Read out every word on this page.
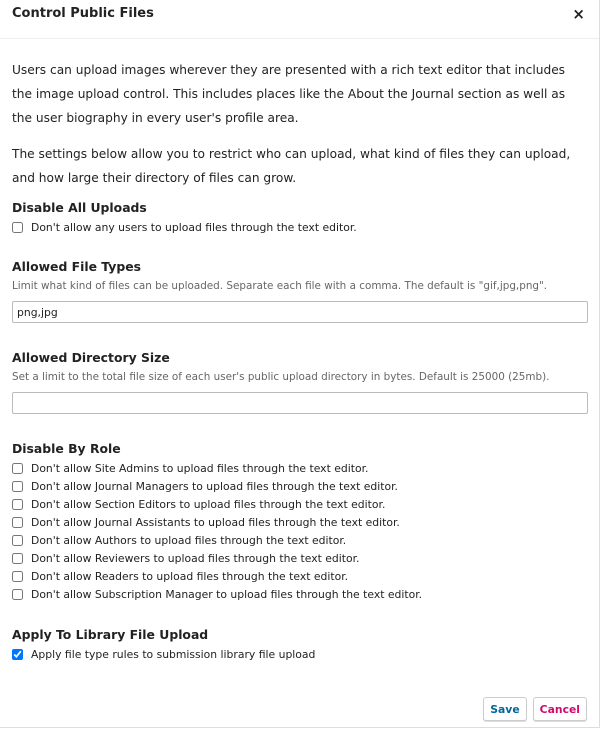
Control Public Files	×

Users can upload images wherever they are presented with a rich text editor that includes the image upload control. This includes places like the About the Journal section as well as the user biography in every user's profile area.

The settings below allow you to restrict who can upload, what kind of files they can upload, and how large their directory of files can grow.

Disable All Uploads
Don't allow any users to upload files through the text editor.
Allowed File Types
Limit what kind of files can be uploaded. Separate each file with a comma. The default is "gif,jpg,png".
png,jpg
Allowed Directory Size
Set a limit to the total file size of each user's public upload directory in bytes. Default is 25000 (25mb).
Disable By Role
Don't allow Site Admins to upload files through the text editor.
Don't allow Journal Managers to upload files through the text editor.
Don't allow Section Editors to upload files through the text editor.
Don't allow Journal Assistants to upload files through the text editor.
Don't allow Authors to upload files through the text editor.
Don't allow Reviewers to upload files through the text editor.
Don't allow Readers to upload files through the text editor.
Don't allow Subscription Manager to upload files through the text editor.
Apply To Library File Upload
Apply file type rules to submission library file upload
Save	Cancel
